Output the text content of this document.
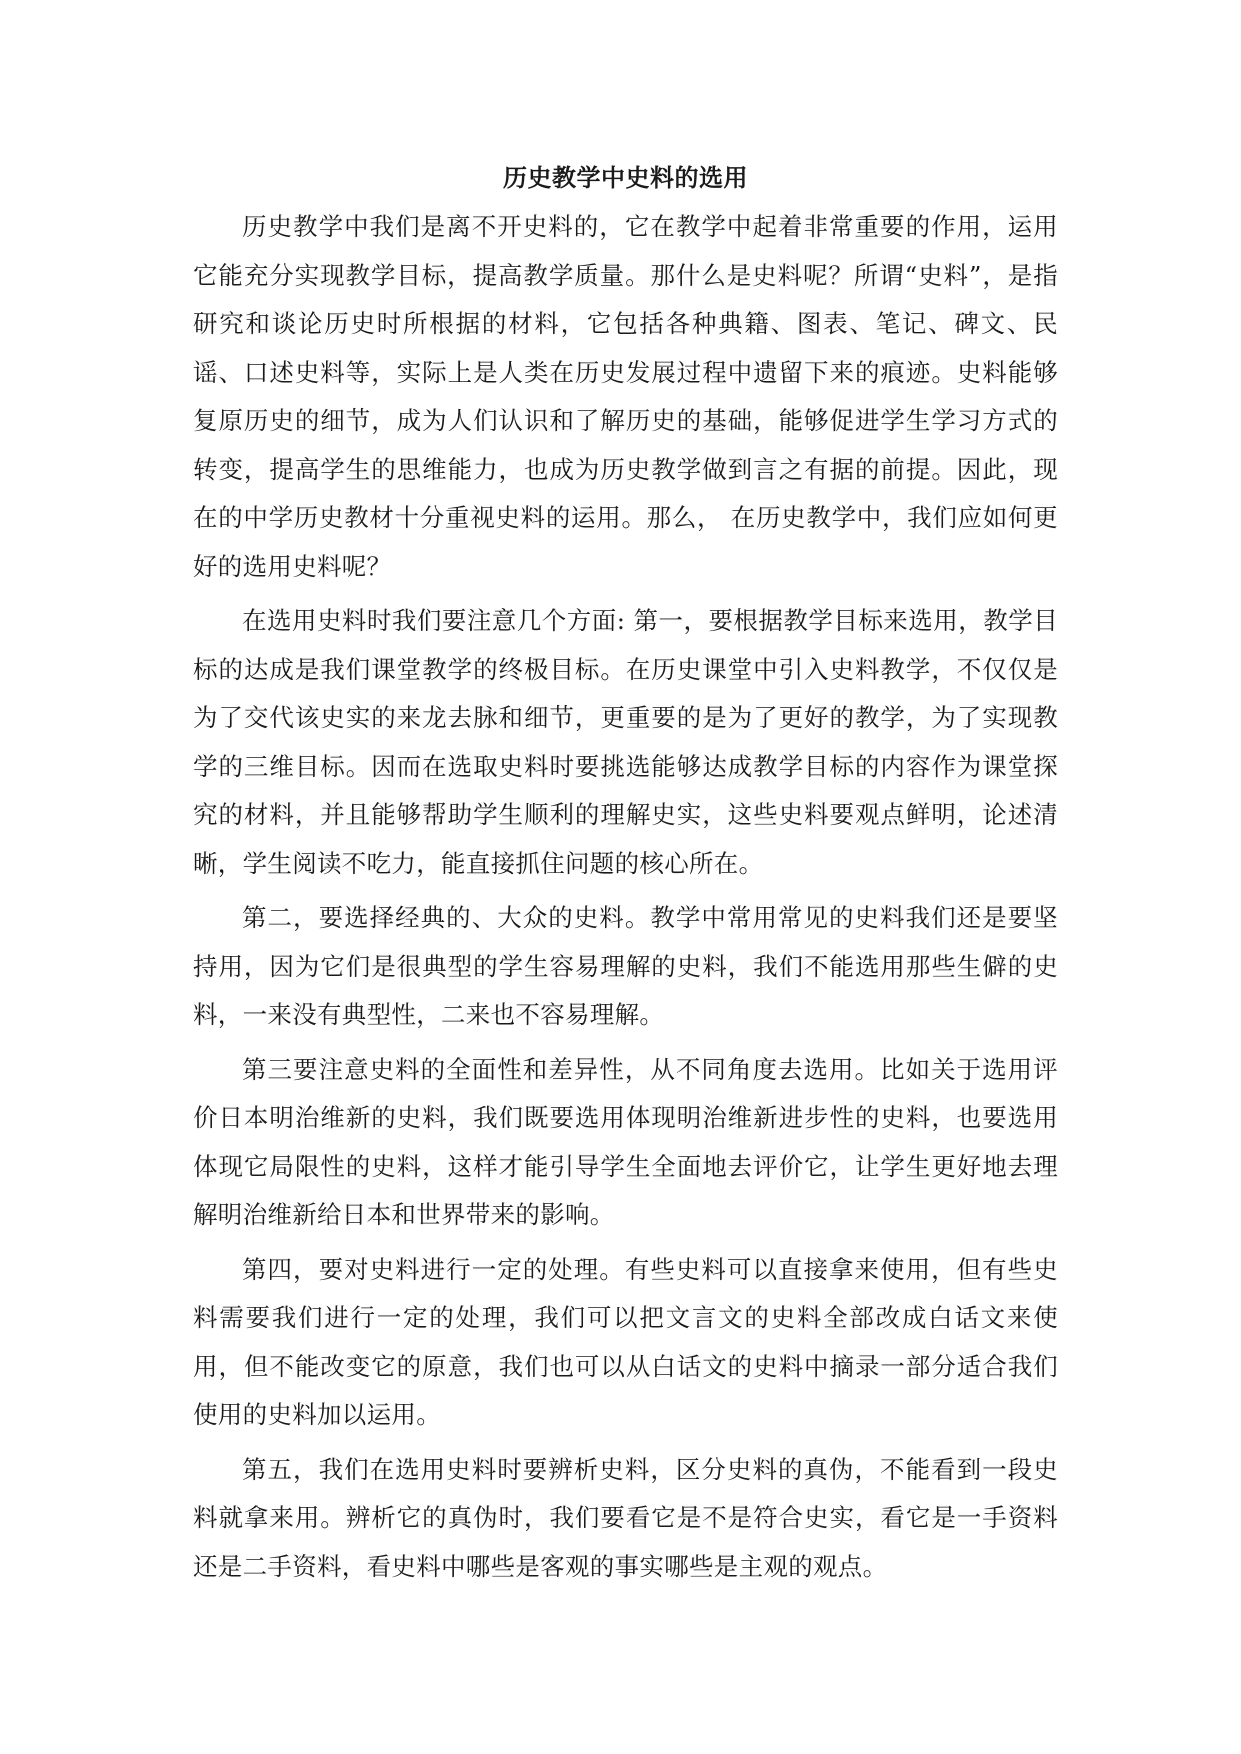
历史教学中史料的选用

历史教学中我们是离不开史料的，它在教学中起着非常重要的作用，运用它能充分实现教学目标，提高教学质量。那什么是史料呢？所谓“史料”，是指研究和谈论历史时所根据的材料，它包括各种典籍、图表、笔记、碑文、民谣、口述史料等，实际上是人类在历史发展过程中遗留下来的痕迹。史料能够复原历史的细节，成为人们认识和了解历史的基础，能够促进学生学习方式的转变，提高学生的思维能力，也成为历史教学做到言之有据的前提。因此，现在的中学历史教材十分重视史料的运用。那么， 在历史教学中，我们应如何更好的选用史料呢？

在选用史料时我们要注意几个方面: 第一，要根据教学目标来选用，教学目标的达成是我们课堂教学的终极目标。在历史课堂中引入史料教学，不仅仅是为了交代该史实的来龙去脉和细节，更重要的是为了更好的教学，为了实现教学的三维目标。因而在选取史料时要挑选能够达成教学目标的内容作为课堂探究的材料，并且能够帮助学生顺利的理解史实，这些史料要观点鲜明，论述清晰，学生阅读不吃力，能直接抓住问题的核心所在。

第二，要选择经典的、大众的史料。教学中常用常见的史料我们还是要坚持用，因为它们是很典型的学生容易理解的史料，我们不能选用那些生僻的史料，一来没有典型性，二来也不容易理解。

第三要注意史料的全面性和差异性，从不同角度去选用。比如关于选用评价日本明治维新的史料，我们既要选用体现明治维新进步性的史料，也要选用体现它局限性的史料，这样才能引导学生全面地去评价它，让学生更好地去理解明治维新给日本和世界带来的影响。

第四，要对史料进行一定的处理。有些史料可以直接拿来使用，但有些史料需要我们进行一定的处理，我们可以把文言文的史料全部改成白话文来使用，但不能改变它的原意，我们也可以从白话文的史料中摘录一部分适合我们使用的史料加以运用。

第五，我们在选用史料时要辨析史料，区分史料的真伪，不能看到一段史料就拿来用。辨析它的真伪时，我们要看它是不是符合史实，看它是一手资料还是二手资料，看史料中哪些是客观的事实哪些是主观的观点。
